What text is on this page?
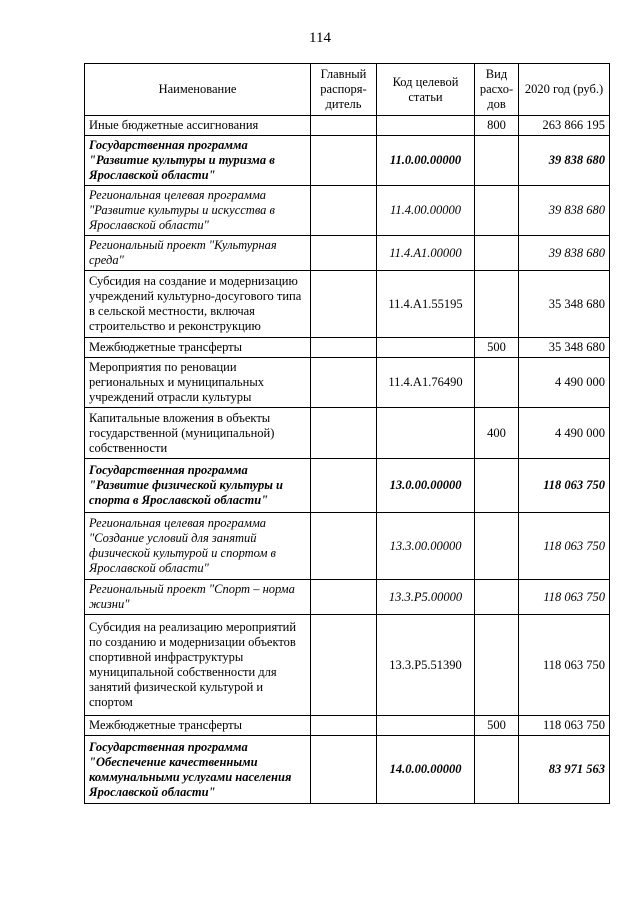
114
Наименование	Главный распоря-дитель	Код целевой статьи	Вид расхо-дов	2020 год (руб.)
Иные бюджетные ассигнования			800	263 866 195
Государственная программа "Развитие культуры и туризма в Ярославской области"		11.0.00.00000		39 838 680
Региональная целевая программа "Развитие культуры и искусства в Ярославской области"		11.4.00.00000		39 838 680
Региональный проект "Культурная среда"		11.4.A1.00000		39 838 680
Субсидия на создание и модернизацию учреждений культурно-досугового типа в сельской местности, включая строительство и реконструкцию		11.4.A1.55195		35 348 680
Межбюджетные трансферты			500	35 348 680
Мероприятия по реновации региональных и муниципальных учреждений отрасли культуры		11.4.A1.76490		4 490 000
Капитальные вложения в объекты государственной (муниципальной) собственности			400	4 490 000
Государственная программа "Развитие физической культуры и спорта в Ярославской области"		13.0.00.00000		118 063 750
Региональная целевая программа "Создание условий для занятий физической культурой и спортом в Ярославской области"		13.3.00.00000		118 063 750
Региональный проект "Спорт – норма жизни"		13.3.P5.00000		118 063 750
Субсидия на реализацию мероприятий по созданию и модернизации объектов спортивной инфраструктуры муниципальной собственности для занятий физической культурой и спортом		13.3.P5.51390		118 063 750
Межбюджетные трансферты			500	118 063 750
Государственная программа "Обеспечение качественными коммунальными услугами населения Ярославской области"		14.0.00.00000		83 971 563
